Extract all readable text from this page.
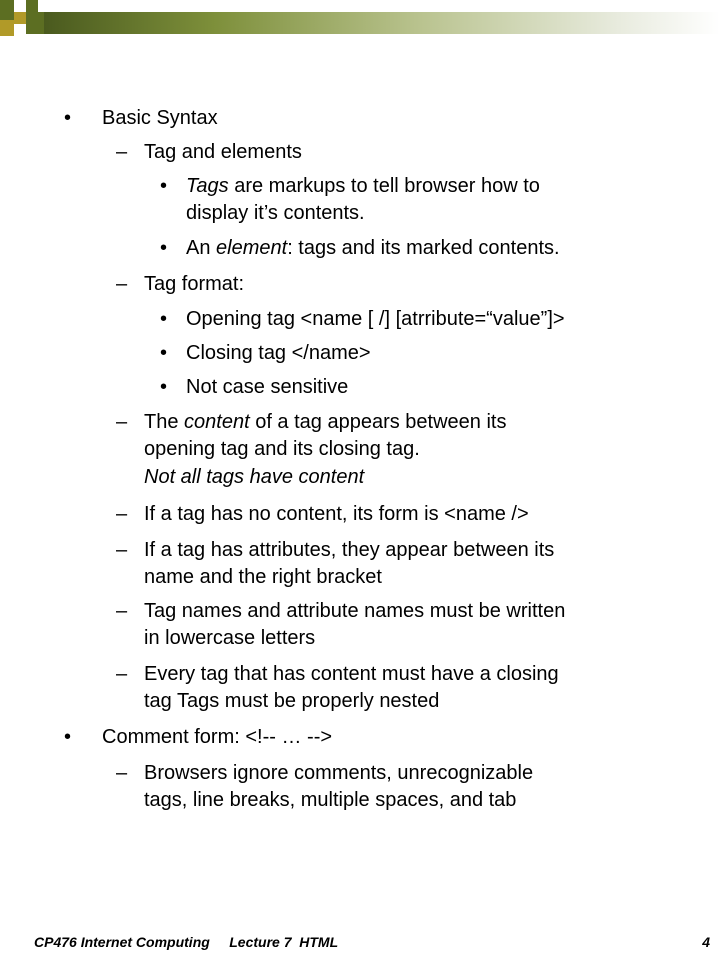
• Basic Syntax
– Tag and elements
• Tags are markups to tell browser how to
display it’s contents.
• An element: tags and its marked contents.
– Tag format:
• Opening tag <name [ /] [atrribute=“value”]>
• Closing tag </name>
• Not case sensitive
– The content of a tag appears between its
opening tag and its closing tag.
Not all tags have content
– If a tag has no content, its form is <name />
– If a tag has attributes, they appear between its
name and the right bracket
– Tag names and attribute names must be written
in lowercase letters
– Every tag that has content must have a closing
tag Tags must be properly nested
• Comment form: <!-- … -->
– Browsers ignore comments, unrecognizable
tags, line breaks, multiple spaces, and tab
CP476 Internet Computing     Lecture 7  HTML	4
